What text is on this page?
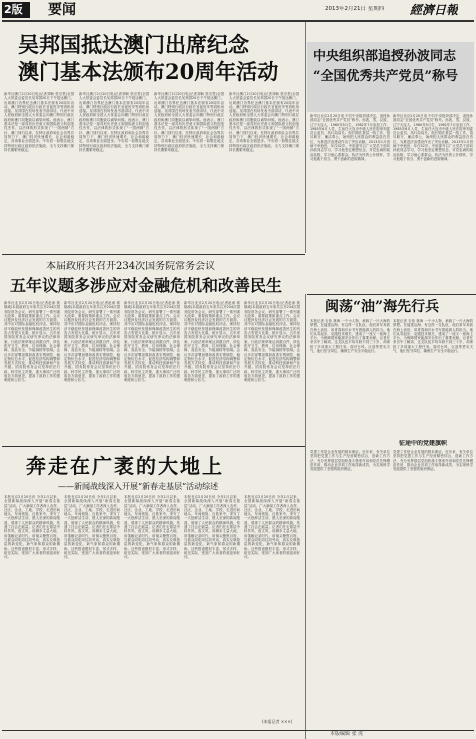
2版	要闻	2013年2月21日 星期四 經濟日報
吴邦国抵达澳门出席纪念
澳门基本法颁布20周年活动
新华社澳门2月20日电(记者刘畅 张宗堂)全国人大常委会委员长吴邦国20日下午抵达澳门，出席澳门各界纪念澳门基本法颁布20周年活动。澳门特别行政区行政长官崔世安等到机场迎接。吴邦国在机场发表书面讲话，代表中央人民政府和全国人大常委会向澳门特别行政区政府和澳门同胞致以诚挚问候。他表示，澳门基本法是一部具有历史意义和国际意义的创造性杰作，以法律的形式体现了“一国两制”方针，澳门回归以来，在特区政府和社会各界共同努力下，澳门经济快速增长，社会和谐稳定，各项事业全面进步。中央将一如既往地支持特别行政区政府依法施政，全力支持澳门保持长期繁荣稳定。
新华社澳门2月20日电(记者刘畅 张宗堂)全国人大常委会委员长吴邦国20日下午抵达澳门，出席澳门各界纪念澳门基本法颁布20周年活动。澳门特别行政区行政长官崔世安等到机场迎接。吴邦国在机场发表书面讲话，代表中央人民政府和全国人大常委会向澳门特别行政区政府和澳门同胞致以诚挚问候。他表示，澳门基本法是一部具有历史意义和国际意义的创造性杰作，以法律的形式体现了“一国两制”方针，澳门回归以来，在特区政府和社会各界共同努力下，澳门经济快速增长，社会和谐稳定，各项事业全面进步。中央将一如既往地支持特别行政区政府依法施政，全力支持澳门保持长期繁荣稳定。
新华社澳门2月20日电(记者刘畅 张宗堂)全国人大常委会委员长吴邦国20日下午抵达澳门，出席澳门各界纪念澳门基本法颁布20周年活动。澳门特别行政区行政长官崔世安等到机场迎接。吴邦国在机场发表书面讲话，代表中央人民政府和全国人大常委会向澳门特别行政区政府和澳门同胞致以诚挚问候。他表示，澳门基本法是一部具有历史意义和国际意义的创造性杰作，以法律的形式体现了“一国两制”方针，澳门回归以来，在特区政府和社会各界共同努力下，澳门经济快速增长，社会和谐稳定，各项事业全面进步。中央将一如既往地支持特别行政区政府依法施政，全力支持澳门保持长期繁荣稳定。
新华社澳门2月20日电(记者刘畅 张宗堂)全国人大常委会委员长吴邦国20日下午抵达澳门，出席澳门各界纪念澳门基本法颁布20周年活动。澳门特别行政区行政长官崔世安等到机场迎接。吴邦国在机场发表书面讲话，代表中央人民政府和全国人大常委会向澳门特别行政区政府和澳门同胞致以诚挚问候。他表示，澳门基本法是一部具有历史意义和国际意义的创造性杰作，以法律的形式体现了“一国两制”方针，澳门回归以来，在特区政府和社会各界共同努力下，澳门经济快速增长，社会和谐稳定，各项事业全面进步。中央将一如既往地支持特别行政区政府依法施政，全力支持澳门保持长期繁荣稳定。
中央组织部追授孙波同志
“全国优秀共产党员”称号
新华社北京2月20日电 中共中央组织部决定，追授孙波同志“全国优秀共产党员”称号。孙波，男，汉族，辽宁大连人，1960年5月生，1982年7月参加工作，1985年6月入党，生前任大连市中级人民法院审判委员会委员、执行局局长。他长期在基层一线工作，恪尽职守，廉洁奉公，始终把人民群众的利益放在首位，为推进法治建设作出了突出贡献。2013年1月因病不幸逝世，年仅52岁。中组部号召广大党员干部向孙波同志学习，学习他坚定理想信念、对党忠诚的政治品格，学习他心系群众、执法为民的公仆情怀，学习他敢于担当、勇于创新的进取精神。
新华社北京2月20日电 中共中央组织部决定，追授孙波同志“全国优秀共产党员”称号。孙波，男，汉族，辽宁大连人，1960年5月生，1982年7月参加工作，1985年6月入党，生前任大连市中级人民法院审判委员会委员、执行局局长。他长期在基层一线工作，恪尽职守，廉洁奉公，始终把人民群众的利益放在首位，为推进法治建设作出了突出贡献。2013年1月因病不幸逝世，年仅52岁。中组部号召广大党员干部向孙波同志学习，学习他坚定理想信念、对党忠诚的政治品格，学习他心系群众、执法为民的公仆情怀，学习他敢于担当、勇于创新的进取精神。
本届政府共召开234次国务院常务会议
五年议题多涉应对金融危机和改善民生
新华社北京2月20日电(记者赵承 郭晓威)本届政府五年来共召开234次国务院常务会议，研究部署了一系列重大改革、重要政策和重点工作。会议议题涉及经济社会发展的方方面面，其中应对国际金融危机冲击、保持经济平稳较快发展和保障改善民生的内容占有很大比重。统计显示，五年来国务院常务会议研究审议的法律草案、行政法规草案达到数百件，涉及医疗卫生、教育、住房保障、社会保障、食品安全、节能减排等领域。会议多次部署加强和改善宏观调控，稳定物价总水平，促进经济结构调整和发展方式转变，推动科技创新和产业升级。国务院常务会议坚持依法行政、科学民主决策，重大事项广泛听取各方面意见，提高了政府工作的透明度和公信力。
新华社北京2月20日电(记者赵承 郭晓威)本届政府五年来共召开234次国务院常务会议，研究部署了一系列重大改革、重要政策和重点工作。会议议题涉及经济社会发展的方方面面，其中应对国际金融危机冲击、保持经济平稳较快发展和保障改善民生的内容占有很大比重。统计显示，五年来国务院常务会议研究审议的法律草案、行政法规草案达到数百件，涉及医疗卫生、教育、住房保障、社会保障、食品安全、节能减排等领域。会议多次部署加强和改善宏观调控，稳定物价总水平，促进经济结构调整和发展方式转变，推动科技创新和产业升级。国务院常务会议坚持依法行政、科学民主决策，重大事项广泛听取各方面意见，提高了政府工作的透明度和公信力。
新华社北京2月20日电(记者赵承 郭晓威)本届政府五年来共召开234次国务院常务会议，研究部署了一系列重大改革、重要政策和重点工作。会议议题涉及经济社会发展的方方面面，其中应对国际金融危机冲击、保持经济平稳较快发展和保障改善民生的内容占有很大比重。统计显示，五年来国务院常务会议研究审议的法律草案、行政法规草案达到数百件，涉及医疗卫生、教育、住房保障、社会保障、食品安全、节能减排等领域。会议多次部署加强和改善宏观调控，稳定物价总水平，促进经济结构调整和发展方式转变，推动科技创新和产业升级。国务院常务会议坚持依法行政、科学民主决策，重大事项广泛听取各方面意见，提高了政府工作的透明度和公信力。
新华社北京2月20日电(记者赵承 郭晓威)本届政府五年来共召开234次国务院常务会议，研究部署了一系列重大改革、重要政策和重点工作。会议议题涉及经济社会发展的方方面面，其中应对国际金融危机冲击、保持经济平稳较快发展和保障改善民生的内容占有很大比重。统计显示，五年来国务院常务会议研究审议的法律草案、行政法规草案达到数百件，涉及医疗卫生、教育、住房保障、社会保障、食品安全、节能减排等领域。会议多次部署加强和改善宏观调控，稳定物价总水平，促进经济结构调整和发展方式转变，推动科技创新和产业升级。国务院常务会议坚持依法行政、科学民主决策，重大事项广泛听取各方面意见，提高了政府工作的透明度和公信力。
新华社北京2月20日电(记者赵承 郭晓威)本届政府五年来共召开234次国务院常务会议，研究部署了一系列重大改革、重要政策和重点工作。会议议题涉及经济社会发展的方方面面，其中应对国际金融危机冲击、保持经济平稳较快发展和保障改善民生的内容占有很大比重。统计显示，五年来国务院常务会议研究审议的法律草案、行政法规草案达到数百件，涉及医疗卫生、教育、住房保障、社会保障、食品安全、节能减排等领域。会议多次部署加强和改善宏观调控，稳定物价总水平，促进经济结构调整和发展方式转变，推动科技创新和产业升级。国务院常务会议坚持依法行政、科学民主决策，重大事项广泛听取各方面意见，提高了政府工作的透明度和公信力。
闽荡“油”海先行兵
本报记者 石伟 林海 一个小人物，承载了一片大海的梦想。在福建沿海，有这样一支队伍，他们常年奔波在海上油田，用青春和汗水书写着能源人的担当。他们从零起步，克服技术难关，建成了一座又一座海上平台，为保障国家能源安全作出了重要贡献。记者在采访中了解到，这支队伍平均年龄不到三十岁，却承担了多项重大工程任务。面对台风、巨浪等恶劣天气，他们坚守岗位，确保生产安全平稳运行。
本报记者 石伟 林海 一个小人物，承载了一片大海的梦想。在福建沿海，有这样一支队伍，他们常年奔波在海上油田，用青春和汗水书写着能源人的担当。他们从零起步，克服技术难关，建成了一座又一座海上平台，为保障国家能源安全作出了重要贡献。记者在采访中了解到，这支队伍平均年龄不到三十岁，却承担了多项重大工程任务。面对台风、巨浪等恶劣天气，他们坚守岗位，确保生产安全平稳运行。
征途中的党建旗帜
党建工作是企业发展的根本保证。近年来，有关单位坚持把党建工作与生产经营紧密结合，创新工作方法，充分发挥基层党组织战斗堡垒作用和党员先锋模范作用，推动企业各项工作取得新成效，为实现科学发展提供了坚强的组织保证。
党建工作是企业发展的根本保证。近年来，有关单位坚持把党建工作与生产经营紧密结合，创新工作方法，充分发挥基层党组织战斗堡垒作用和党员先锋模范作用，推动企业各项工作取得新成效，为实现科学发展提供了坚强的组织保证。
奔走在广袤的大地上
——新闻战线深入开展“新春走基层”活动综述
本报北京2月20日讯 今年1月以来，全国新闻战线深入开展“新春走基层”活动，广大新闻工作者深入农村、社区、企业、工地、学校，走进田间地头、车间班组、百姓家中，采写了一大批鲜活生动、感人至深的新闻报道，展现了人民群众的精神风貌，传递了社会正能量。记者们在走基层中转作风、改文风，用脚步丈量大地，用笔触记录时代，用镜头聚焦百姓，与群众同吃同住同劳动，真实反映基层的新变化、新气象和群众的新期盼。这些报道题材丰富、形式多样、贴近实际，受到广大读者的欢迎和好评。
本报北京2月20日讯 今年1月以来，全国新闻战线深入开展“新春走基层”活动，广大新闻工作者深入农村、社区、企业、工地、学校，走进田间地头、车间班组、百姓家中，采写了一大批鲜活生动、感人至深的新闻报道，展现了人民群众的精神风貌，传递了社会正能量。记者们在走基层中转作风、改文风，用脚步丈量大地，用笔触记录时代，用镜头聚焦百姓，与群众同吃同住同劳动，真实反映基层的新变化、新气象和群众的新期盼。这些报道题材丰富、形式多样、贴近实际，受到广大读者的欢迎和好评。
本报北京2月20日讯 今年1月以来，全国新闻战线深入开展“新春走基层”活动，广大新闻工作者深入农村、社区、企业、工地、学校，走进田间地头、车间班组、百姓家中，采写了一大批鲜活生动、感人至深的新闻报道，展现了人民群众的精神风貌，传递了社会正能量。记者们在走基层中转作风、改文风，用脚步丈量大地，用笔触记录时代，用镜头聚焦百姓，与群众同吃同住同劳动，真实反映基层的新变化、新气象和群众的新期盼。这些报道题材丰富、形式多样、贴近实际，受到广大读者的欢迎和好评。
本报北京2月20日讯 今年1月以来，全国新闻战线深入开展“新春走基层”活动，广大新闻工作者深入农村、社区、企业、工地、学校，走进田间地头、车间班组、百姓家中，采写了一大批鲜活生动、感人至深的新闻报道，展现了人民群众的精神风貌，传递了社会正能量。记者们在走基层中转作风、改文风，用脚步丈量大地，用笔触记录时代，用镜头聚焦百姓，与群众同吃同住同劳动，真实反映基层的新变化、新气象和群众的新期盼。这些报道题材丰富、形式多样、贴近实际，受到广大读者的欢迎和好评。
本报北京2月20日讯 今年1月以来，全国新闻战线深入开展“新春走基层”活动，广大新闻工作者深入农村、社区、企业、工地、学校，走进田间地头、车间班组、百姓家中，采写了一大批鲜活生动、感人至深的新闻报道，展现了人民群众的精神风貌，传递了社会正能量。记者们在走基层中转作风、改文风，用脚步丈量大地，用笔触记录时代，用镜头聚焦百姓，与群众同吃同住同劳动，真实反映基层的新变化、新气象和群众的新期盼。这些报道题材丰富、形式多样、贴近实际，受到广大读者的欢迎和好评。
(本报记者 ×××)
本版编辑 张 虎
